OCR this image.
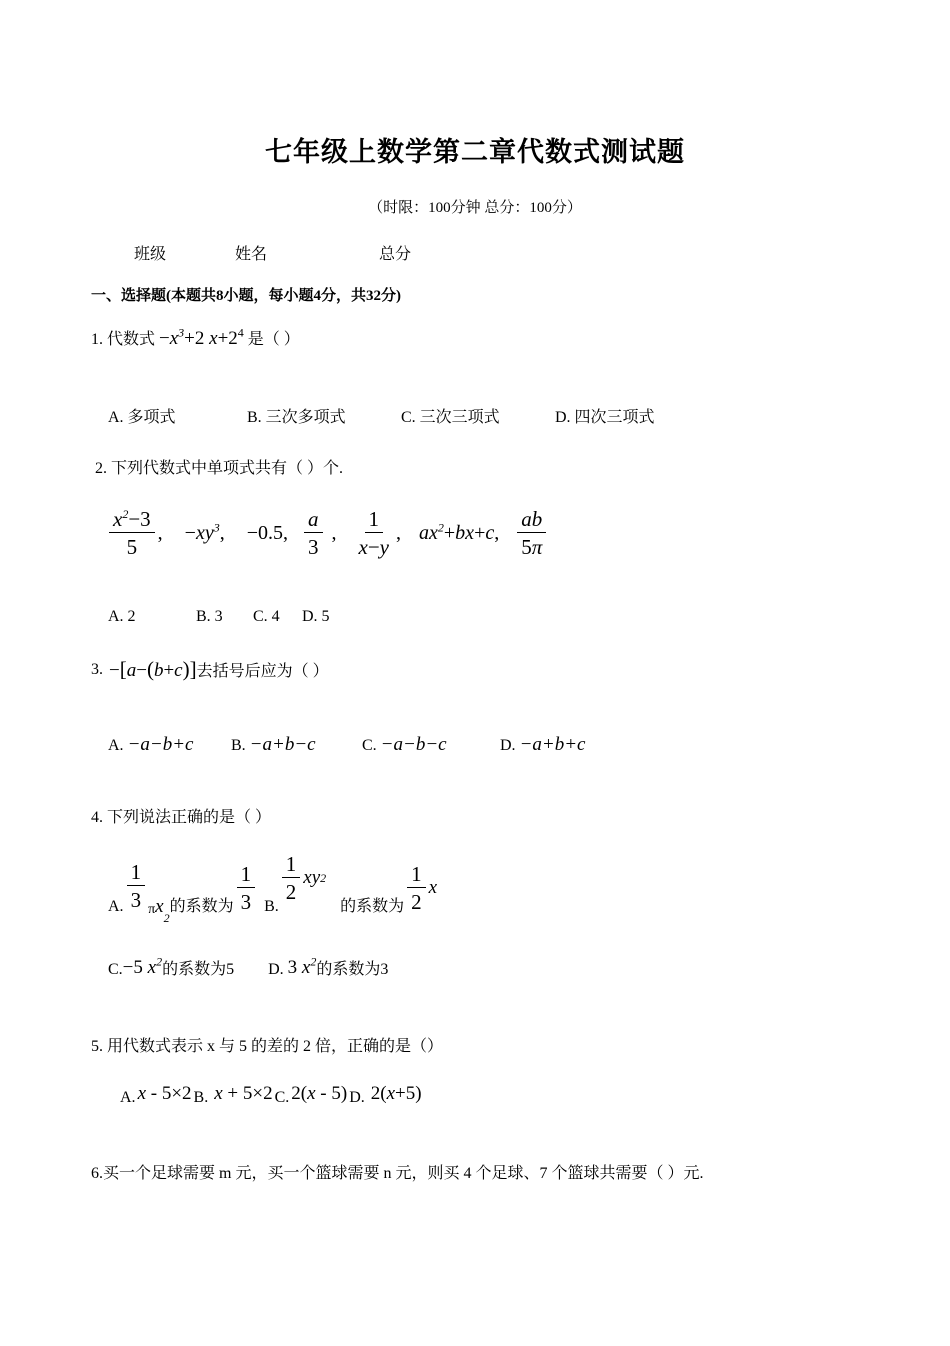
七年级上数学第二章代数式测试题
（时限：100分钟 总分：100分）
班级	姓名	总分
一、选择题(本题共8小题，每小题4分，共32分)
1. 代数式 $-x^3+2$ $x+2^4$ 是（ ）
A. 多项式	B. 三次多项式	C. 三次三项式	D. 四次三项式
2. 下列代数式中单项式共有（ ）个.
$\frac{x^2-3}{5}$ , $-xy^3$ , −0.5 , $\frac{a}{3}$ , $\frac{1}{x-y}$ , $ax^2+bx+c$ , $\frac{ab}{5\pi}$
A. 2	B. 3 C. 4 D. 5
3. −[a−(b+c)] 去括号后应为（ ）
A. −a−b+c B. −a+b−c	C. −a−b−c	D. −a+b+c
4. 下列说法正确的是（ ）
A. $\frac{1}{3}$ π x
2
的系数为 $\frac{1}{3} B$.
$\frac{1}{2}$ xy 2
的系数为 $\frac{1}{2}$ x
C. −5 $x^2$ 的系数为5 D. 3 $x^2$ 的系数为3
5. 用代数式表示 x 与 5 的差的 2 倍，正确的是（）
A. x - 5×2 B. x + 5×2 C. 2(x - 5) D. 2(x+5)
6.买一个足球需要 m 元，买一个篮球需要 n 元，则买 4 个足球、7 个篮球共需要（ ）元.
